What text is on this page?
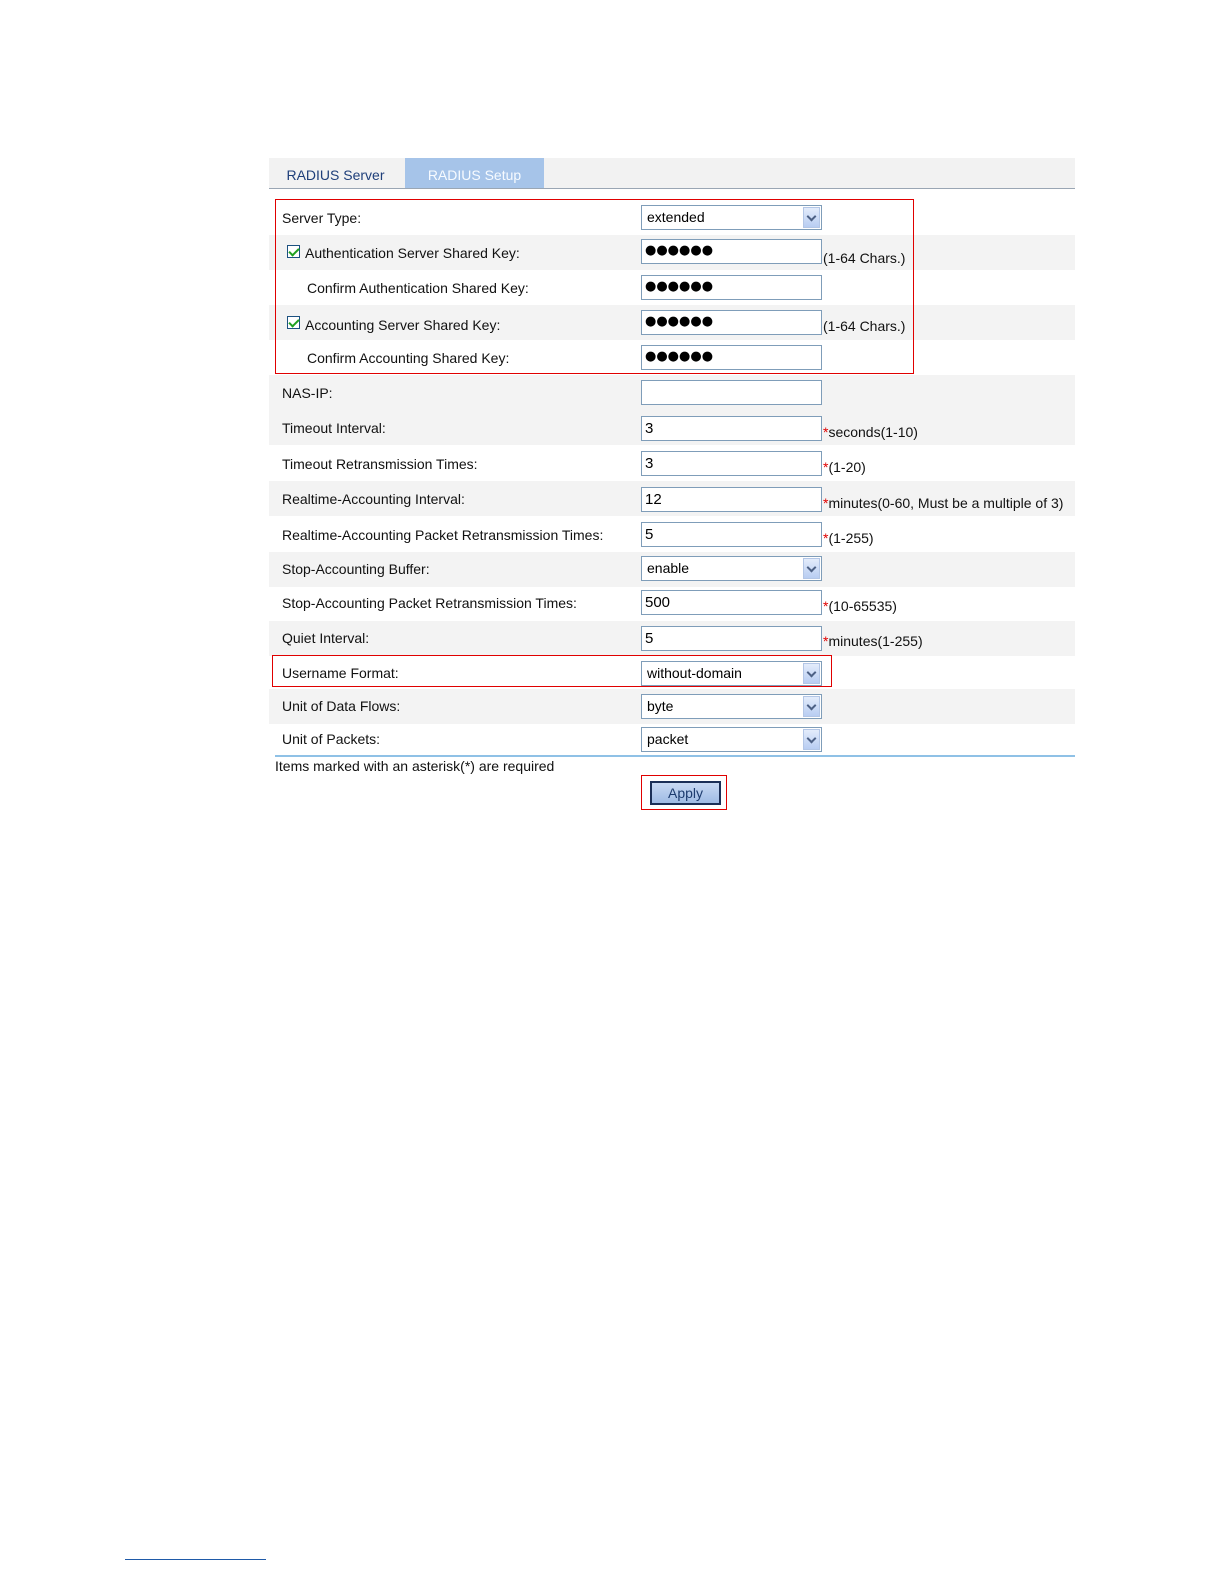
RADIUS Server	RADIUS Setup
Server Type:	extended
Authentication Server Shared Key:	●●●●●●	(1-64 Chars.)
Confirm Authentication Shared Key:	●●●●●●
Accounting Server Shared Key:	●●●●●●	(1-64 Chars.)
Confirm Accounting Shared Key:	●●●●●●
NAS-IP:
Timeout Interval:	3	*seconds(1-10)
Timeout Retransmission Times:	3	*(1-20)
Realtime-Accounting Interval:	12	*minutes(0-60, Must be a multiple of 3)
Realtime-Accounting Packet Retransmission Times:	5	*(1-255)
Stop-Accounting Buffer:	enable
Stop-Accounting Packet Retransmission Times:	500	*(10-65535)
Quiet Interval:	5	*minutes(1-255)
Username Format:	without-domain
Unit of Data Flows:	byte
Unit of Packets:	packet
Items marked with an asterisk(*) are required
Apply
